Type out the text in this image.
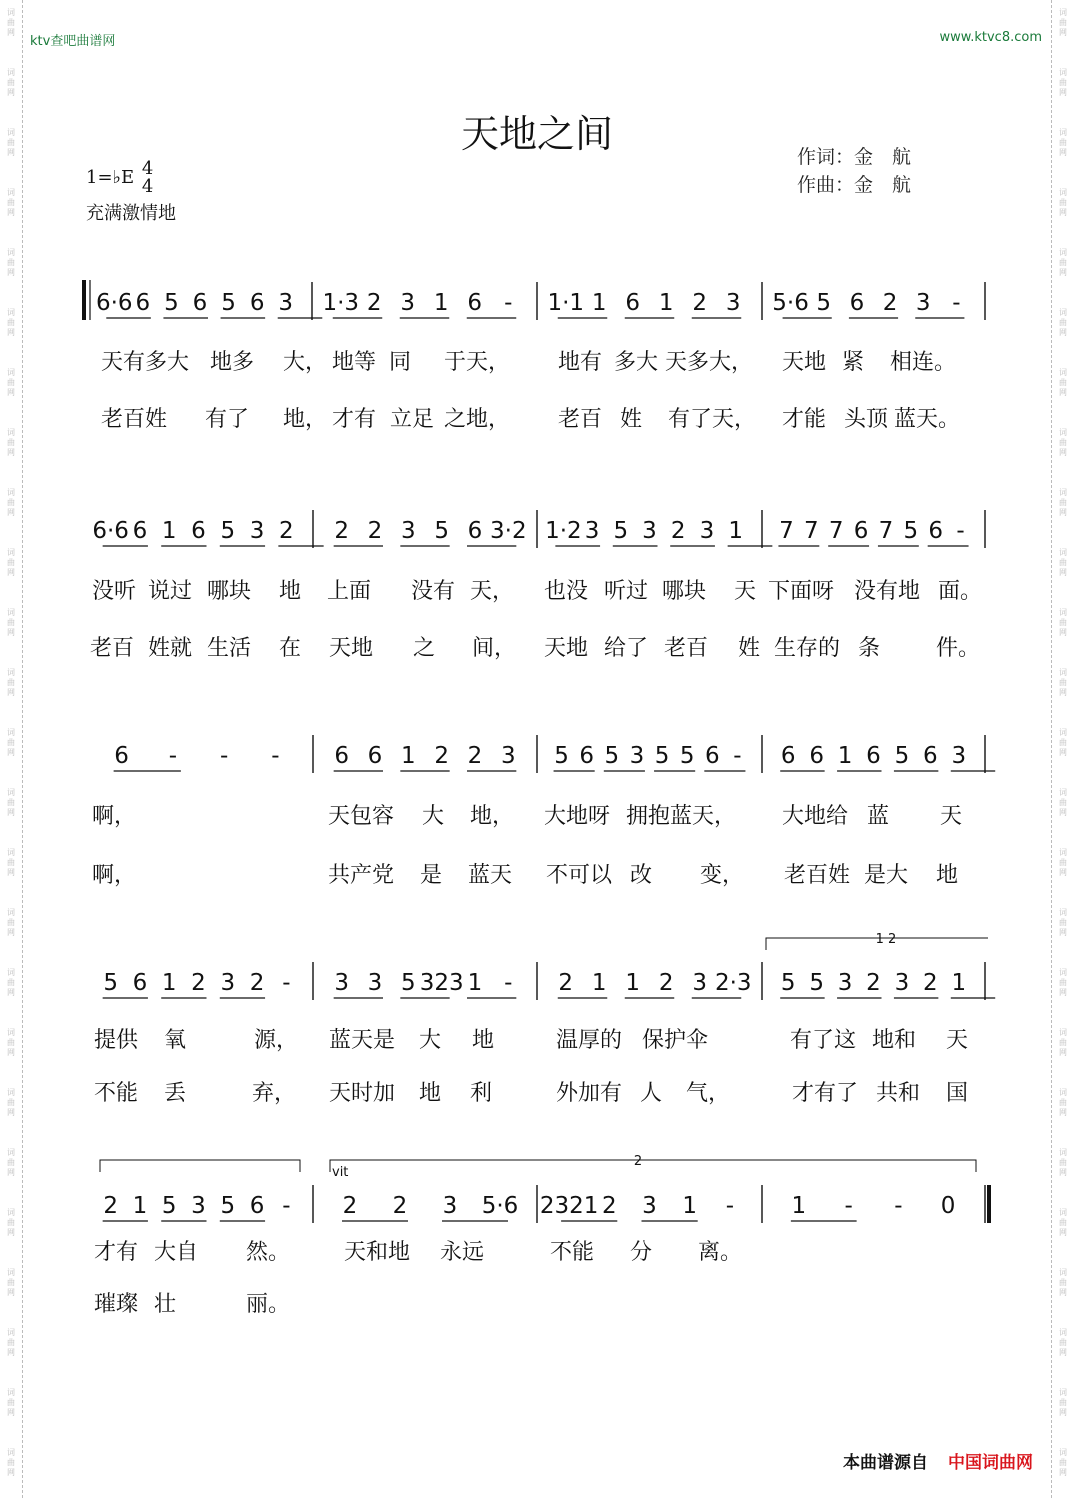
词
曲
网
词
曲
网
词
曲
网
词
曲
网
词
曲
网
词
曲
网
词
曲
网
词
曲
网
词
曲
网
词
曲
网
词
曲
网
词
曲
网
词
曲
网
词
曲
网
词
曲
网
词
曲
网
词
曲
网
词
曲
网
词
曲
网
词
曲
网
词
曲
网
词
曲
网
词
曲
网
词
曲
网
词
曲
网
词
曲
网
词
曲
网
词
曲
网
词
曲
网
词
曲
网
词
曲
网
词
曲
网
词
曲
网
词
曲
网
词
曲
网
词
曲
网
词
曲
网
词
曲
网
词
曲
网
词
曲
网
词
曲
网
词
曲
网
词
曲
网
词
曲
网
词
曲
网
词
曲
网
词
曲
网
词
曲
网
词
曲
网
词
曲
网
ktv查吧曲谱网	www.ktvc8.com
天地之间
作词：金　航
作曲：金　航
1=♭E 4
4
充满激情地
6·6 6 5 6 5 6 3 1·3 2 3 1 6 - 1·1 1 6 1 2 3 5·6 5 6 2 3 -
6·6 6 1 6 5 3 2 2 2 3 5 6 3·2 1·2 3 5 3 2 3 1 7 7 7 6 7 5 6 -
6 - - - 6 6 1 2 2 3 5 6 5 3 5 5 6 - 6 6 1 6 5 6 3
5 6 1 2 3 2 - 3 3 5 323 1 - 2 1 1 2 3 2·3 5 5 3 2 3 2 1
2 1 5 3 5 6 - 2 2 3 5·6 2321 2 3 1 - 1 - - 0
1 2
2
vit
天有多大 地多 大， 地等 同 于天， 地有 多大 天多大， 天地 紧 相连。
老百姓 有了 地， 才有 立足 之地， 老百 姓 有了天， 才能 头顶 蓝天。
没听 说过 哪块 地 上面 没有 天， 也没 听过 哪块 天 下面呀 没有地 面。
老百 姓就 生活 在 天地 之 间， 天地 给了 老百 姓 生存的 条	件。
啊，	天包容 大 地， 大地呀 拥抱蓝天， 大地给 蓝 天
啊，	共产党 是 蓝天 不可以 改 变， 老百姓 是大 地
提供 氧	源， 蓝天是 大 地	温厚的 保护伞	有了这 地和 天
不能 丢	弃， 天时加 地 利	外加有 人 气，	才有了 共和 国
才有 大自 然。 天和地 永远	不能 分 离。
璀璨 壮	丽。
本曲谱源自 中国词曲网
